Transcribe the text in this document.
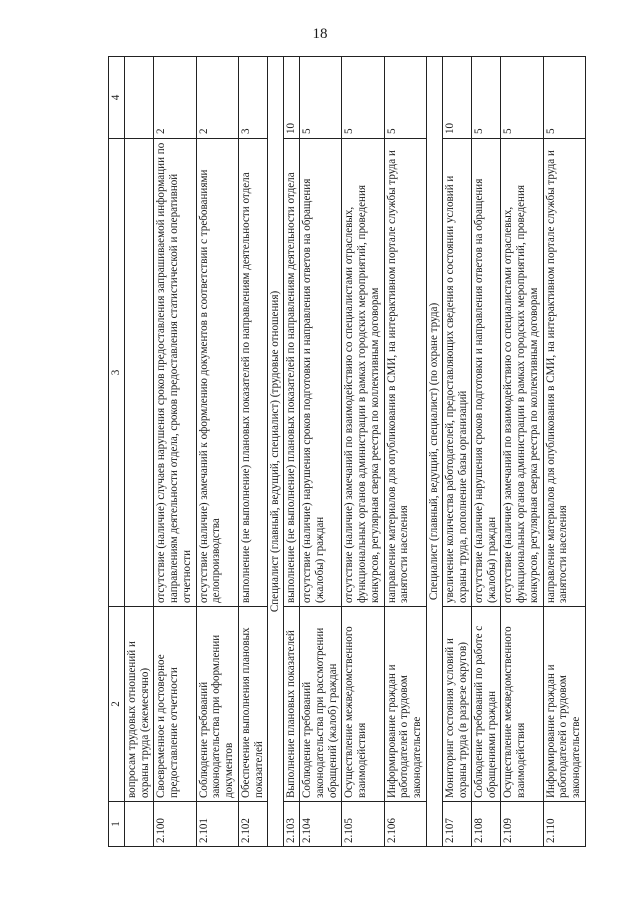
18
1	2	3	4
	вопросам трудовых отношений и охраны труда (ежемесячно)		
2.100	Своевременное и достоверное предоставление отчетности	отсутствие (наличие) случаев нарушения сроков предоставления запрашиваемой информации по направлениям деятельности отдела, сроков предоставления статистической и оперативной отчетности	2
2.101	Соблюдение требований законодательства при оформлении документов	отсутствие (наличие) замечаний к оформлению документов в соответствии с требованиями делопроизводства	2
2.102	Обеспечение выполнения плановых показателей	выполнение (не выполнение) плановых показателей по направлениям деятельности отдела	3
Специалист (главный, ведущий, специалист) (трудовые отношения)			
2.103	Выполнение плановых показателей	выполнение (не выполнение) плановых показателей по направлениям деятельности отдела	10
2.104	Соблюдение требований законодательства при рассмотрении обращений (жалоб) граждан	отсутствие (наличие) нарушения сроков подготовки и направления ответов на обращения (жалобы) граждан	5
2.105	Осуществление межведомственного взаимодействия	отсутствие (наличие) замечаний по взаимодействию со специалистами отраслевых, функциональных органов администрации в рамках городских мероприятий, проведения конкурсов, регулярная сверка реестра по коллективным договорам	5
2.106	Информирование граждан и работодателей о трудовом законодательстве	направление материалов для опубликования в СМИ, на интерактивном портале службы труда и занятости населения	5
Специалист (главный, ведущий, специалист) (по охране труда)			
2.107	Мониторинг состояния условий и охраны труда (в разрезе округов)	увеличение количества работодателей, предоставляющих сведения о состоянии условий и охраны труда, пополнение базы организаций	10
2.108	Соблюдение требований по работе с обращениями граждан	отсутствие (наличие) нарушения сроков подготовки и направления ответов на обращения (жалобы) граждан	5
2.109	Осуществление межведомственного взаимодействия	отсутствие (наличие) замечаний по взаимодействию со специалистами отраслевых, функциональных органов администрации в рамках городских мероприятий, проведения конкурсов, регулярная сверка реестра по коллективным договорам	5
2.110	Информирование граждан и работодателей о трудовом законодательстве	направление материалов для опубликования в СМИ, на интерактивном портале службы труда и занятости населения	5
